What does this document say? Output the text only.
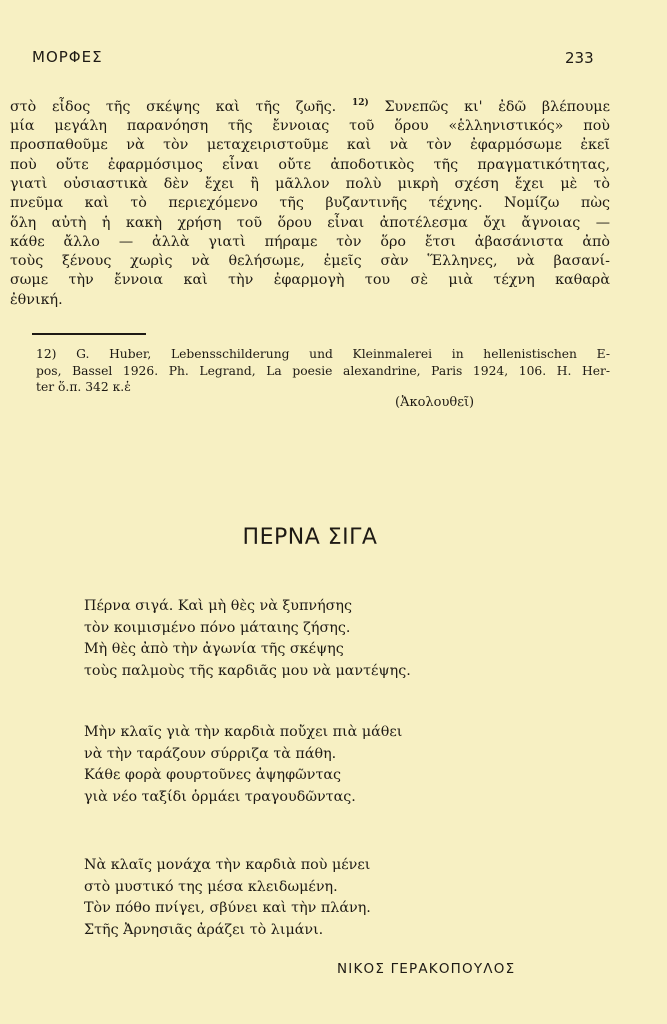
ΜΟΡΦΕΣ	233
στὸ εἶδος τῆς σκέψης καὶ τῆς ζωῆς. $^{12)}$ Συνεπῶς κι' ἐδῶ βλέπουμε
μία μεγάλη παρανόηση τῆς ἔννοιας τοῦ ὅρου «ἑλληνιστικός» ποὺ
προσπαθοῦμε νὰ τὸν μεταχειριστοῦμε καὶ νὰ τὸν ἐφαρμόσωμε ἐκεῖ
ποὺ οὔτε ἐφαρμόσιμος εἶναι οὔτε ἀποδοτικὸς τῆς πραγματικότητας,
γιατὶ οὐσιαστικὰ δὲν ἔχει ἢ μᾶλλον πολὺ μικρὴ σχέση ἔχει μὲ τὸ
πνεῦμα καὶ τὸ περιεχόμενο τῆς βυζαντινῆς τέχνης. Νομίζω πὼς
ὅλη αὐτὴ ἡ κακὴ χρήση τοῦ ὅρου εἶναι ἀποτέλεσμα ὄχι ἄγνοιας —
κάθε ἄλλο — ἀλλὰ γιατὶ πήραμε τὸν ὅρο ἔτσι ἀβασάνιστα ἀπὸ
τοὺς ξένους χωρὶς νὰ θελήσωμε, ἐμεῖς σὰν Ἕλληνες, νὰ βασανί-
σωμε τὴν ἔννοια καὶ τὴν ἐφαρμογὴ του σὲ μιὰ τέχνη καθαρὰ
ἐθνική.
12) G. Huber, Lebensschilderung und Kleinmalerei in hellenistischen E-
pos, Bassel 1926. Ph. Legrand, La poesie alexandrine, Paris 1924, 106. H. Her-
ter ὅ.π. 342 κ.ἑ
(Ἀκολουθεῖ)
ΠΕΡΝΑ ΣΙΓΑ
Πέρνα σιγά. Καὶ μὴ θὲς νὰ ξυπνήσης
τὸν κοιμισμένο πόνο μάταιης ζήσης.
Μὴ θὲς ἀπὸ τὴν ἀγωνία τῆς σκέψης
τοὺς παλμοὺς τῆς καρδιᾶς μου νὰ μαντέψης.
Μὴν κλαῖς γιὰ τὴν καρδιὰ ποὔχει πιὰ μάθει
νὰ τὴν ταράζουν σύρριζα τὰ πάθη.
Κάθε φορὰ φουρτοῦνες ἀψηφῶντας
γιὰ νέο ταξίδι ὁρμάει τραγουδῶντας.
Νὰ κλαῖς μονάχα τὴν καρδιὰ ποὺ μένει
στὸ μυστικό της μέσα κλειδωμένη.
Τὸν πόθο πνίγει, σβύνει καὶ τὴν πλάνη.
Στῆς Ἀρνησιᾶς ἀράζει τὸ λιμάνι.
ΝΙΚΟΣ ΓΕΡΑΚΟΠΟΥΛΟΣ
